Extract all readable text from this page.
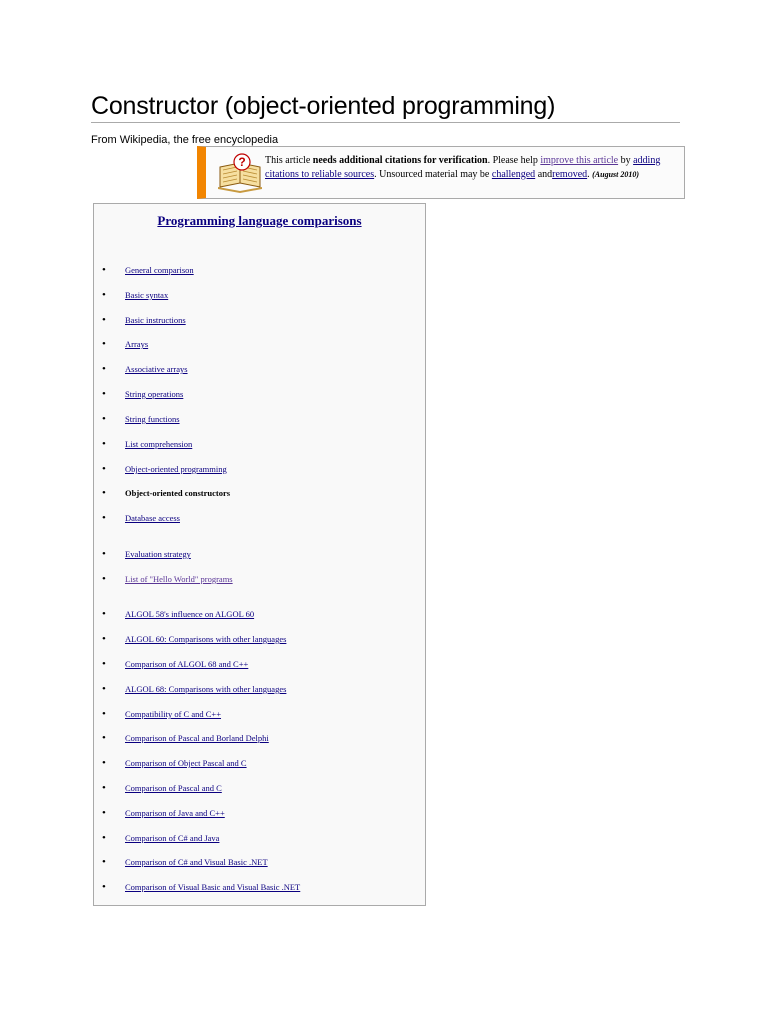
Constructor (object-oriented programming)
From Wikipedia, the free encyclopedia
? This article needs additional citations for verification. Please help improve this article by adding citations to reliable sources. Unsourced material may be challenged andremoved. (August 2010)
Programming language comparisons
• General comparison
• Basic syntax
• Basic instructions
• Arrays
• Associative arrays
• String operations
• String functions
• List comprehension
• Object-oriented programming
• Object-oriented constructors
• Database access
• Evaluation strategy
• List of "Hello World" programs
• ALGOL 58's influence on ALGOL 60
• ALGOL 60: Comparisons with other languages
• Comparison of ALGOL 68 and C++
• ALGOL 68: Comparisons with other languages
• Compatibility of C and C++
• Comparison of Pascal and Borland Delphi
• Comparison of Object Pascal and C
• Comparison of Pascal and C
• Comparison of Java and C++
• Comparison of C# and Java
• Comparison of C# and Visual Basic .NET
• Comparison of Visual Basic and Visual Basic .NET
